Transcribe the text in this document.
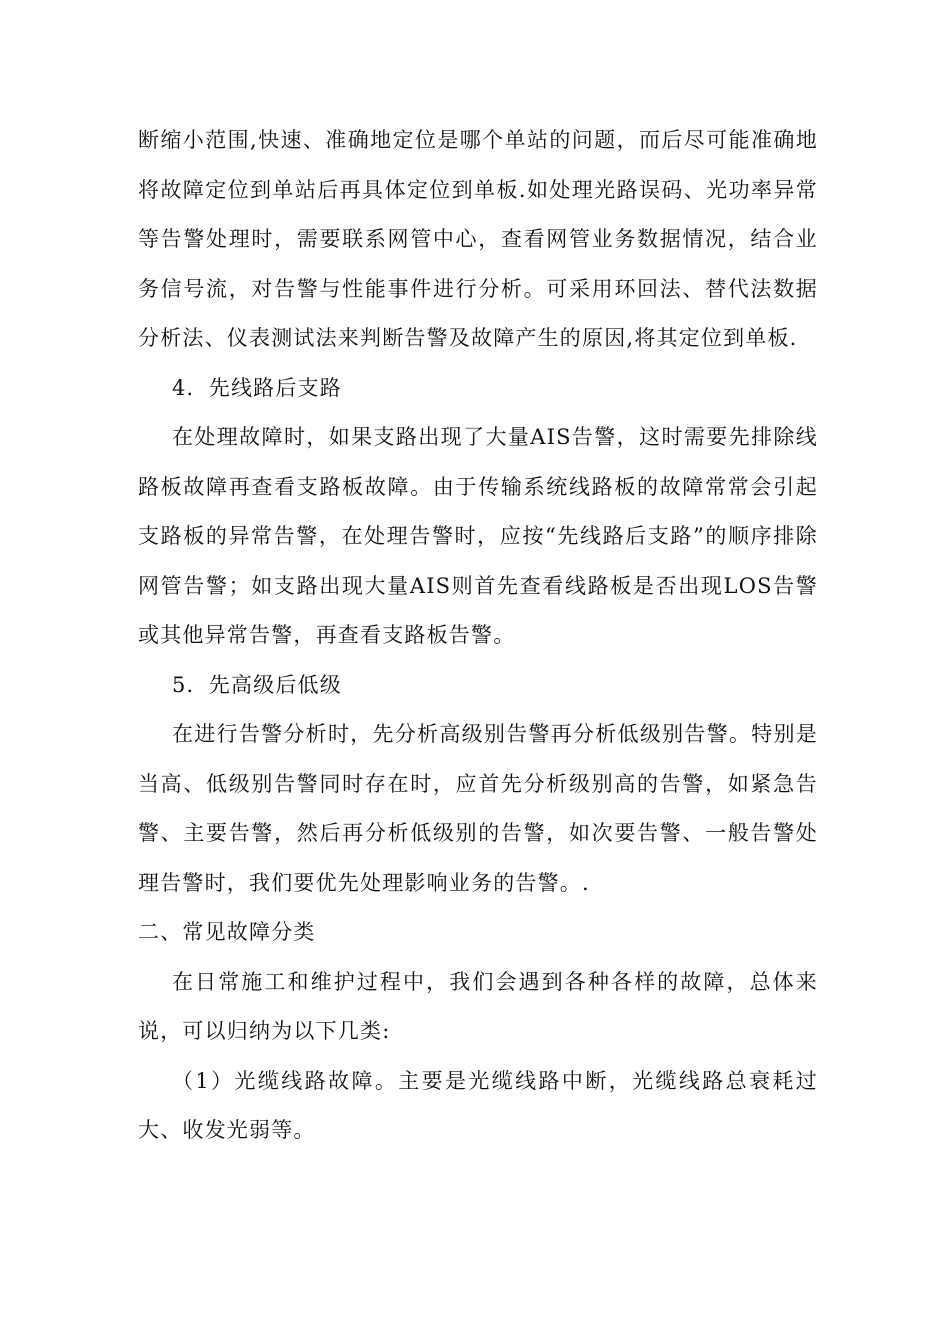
断缩小范围,快速、准确地定位是哪个单站的问题，而后尽可能准确地将故障定位到单站后再具体定位到单板.如处理光路误码、光功率异常等告警处理时，需要联系网管中心，查看网管业务数据情况，结合业务信号流，对告警与性能事件进行分析。可采用环回法、替代法数据分析法、仪表测试法来判断告警及故障产生的原因,将其定位到单板.

4．先线路后支路

在处理故障时，如果支路出现了大量AIS告警，这时需要先排除线路板故障再查看支路板故障。由于传输系统线路板的故障常常会引起支路板的异常告警，在处理告警时，应按“先线路后支路”的顺序排除网管告警；如支路出现大量AIS则首先查看线路板是否出现LOS告警或其他异常告警，再查看支路板告警。

5．先高级后低级

在进行告警分析时，先分析高级别告警再分析低级别告警。特别是当高、低级别告警同时存在时，应首先分析级别高的告警，如紧急告警、主要告警，然后再分析低级别的告警，如次要告警、一般告警处理告警时，我们要优先处理影响业务的告警。.

二、常见故障分类

在日常施工和维护过程中，我们会遇到各种各样的故障，总体来说，可以归纳为以下几类:

（1）光缆线路故障。主要是光缆线路中断，光缆线路总衰耗过大、收发光弱等。
